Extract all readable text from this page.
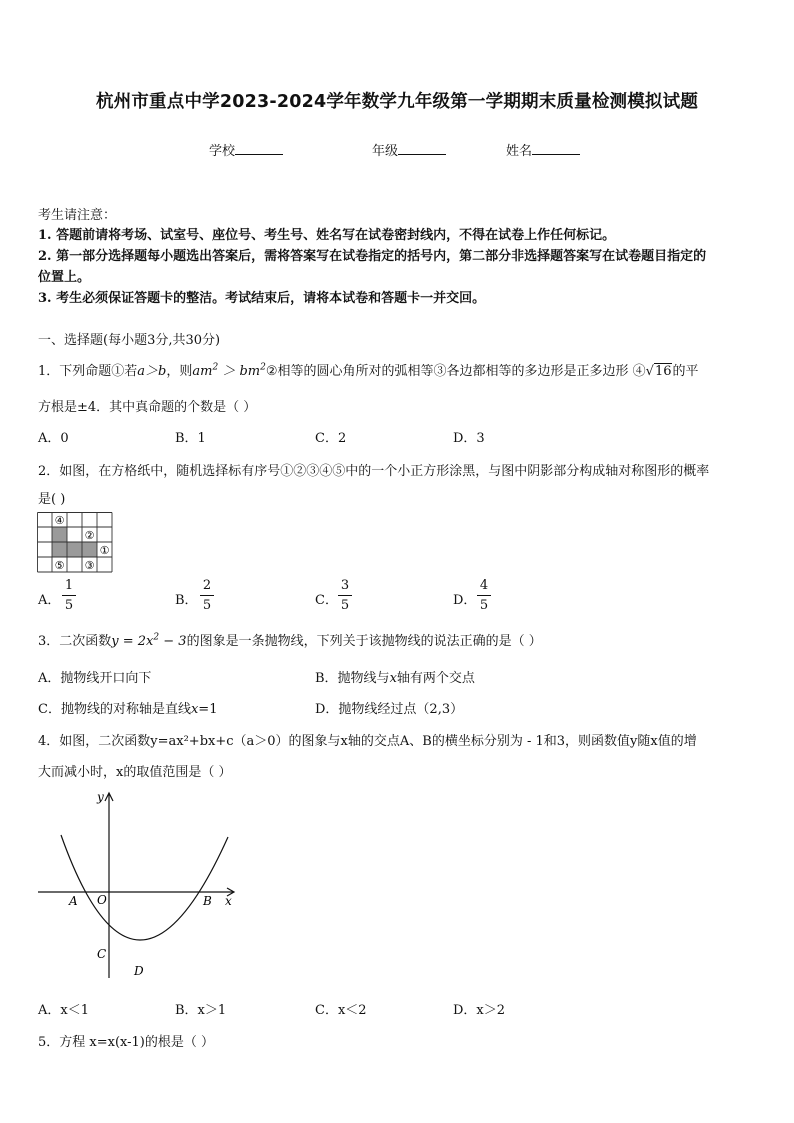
杭州市重点中学2023-2024学年数学九年级第一学期期末质量检测模拟试题
学校	年级	姓名
考生请注意：
1. 答题前请将考场、试室号、座位号、考生号、姓名写在试卷密封线内，不得在试卷上作任何标记。
2. 第一部分选择题每小题选出答案后，需将答案写在试卷指定的括号内，第二部分非选择题答案写在试卷题目指定的
位置上。
3. 考生必须保证答题卡的整洁。考试结束后，请将本试卷和答题卡一并交回。
一、选择题(每小题3分,共30分)
1．下列命题①若a＞b，则$am^2$ ＞ $bm^2②$相等的圆心角所对的弧相等③各边都相等的多边形是正多边形 ④√16的平
方根是±4．其中真命题的个数是（ ）
A．0	B．1	C．2	D．3
2．如图，在方格纸中，随机选择标有序号①②③④⑤中的一个小正方形涂黑，与图中阴影部分构成轴对称图形的概率
是( )
④
②
①
⑤ ③
A．
1
5	B．
2
5	C．
3
5	D．
4
5
3．二次函数$y = 2x^2 - 3$的图象是一条抛物线，下列关于该抛物线的说法正确的是（ ）
A．抛物线开口向下	B．抛物线与x轴有两个交点
C．抛物线的对称轴是直线x=1	D．抛物线经过点（2,3）
4．如图，二次函数y=ax²+bx+c（a＞0）的图象与x轴的交点A、B的横坐标分别为 - 1和3，则函数值y随x值的增
大而减小时，x的取值范围是（ ）
y
x
A O	B
C
D
A．x＜1	B．x＞1	C．x＜2	D．x＞2
5．方程 x=x(x-1)的根是（ ）
